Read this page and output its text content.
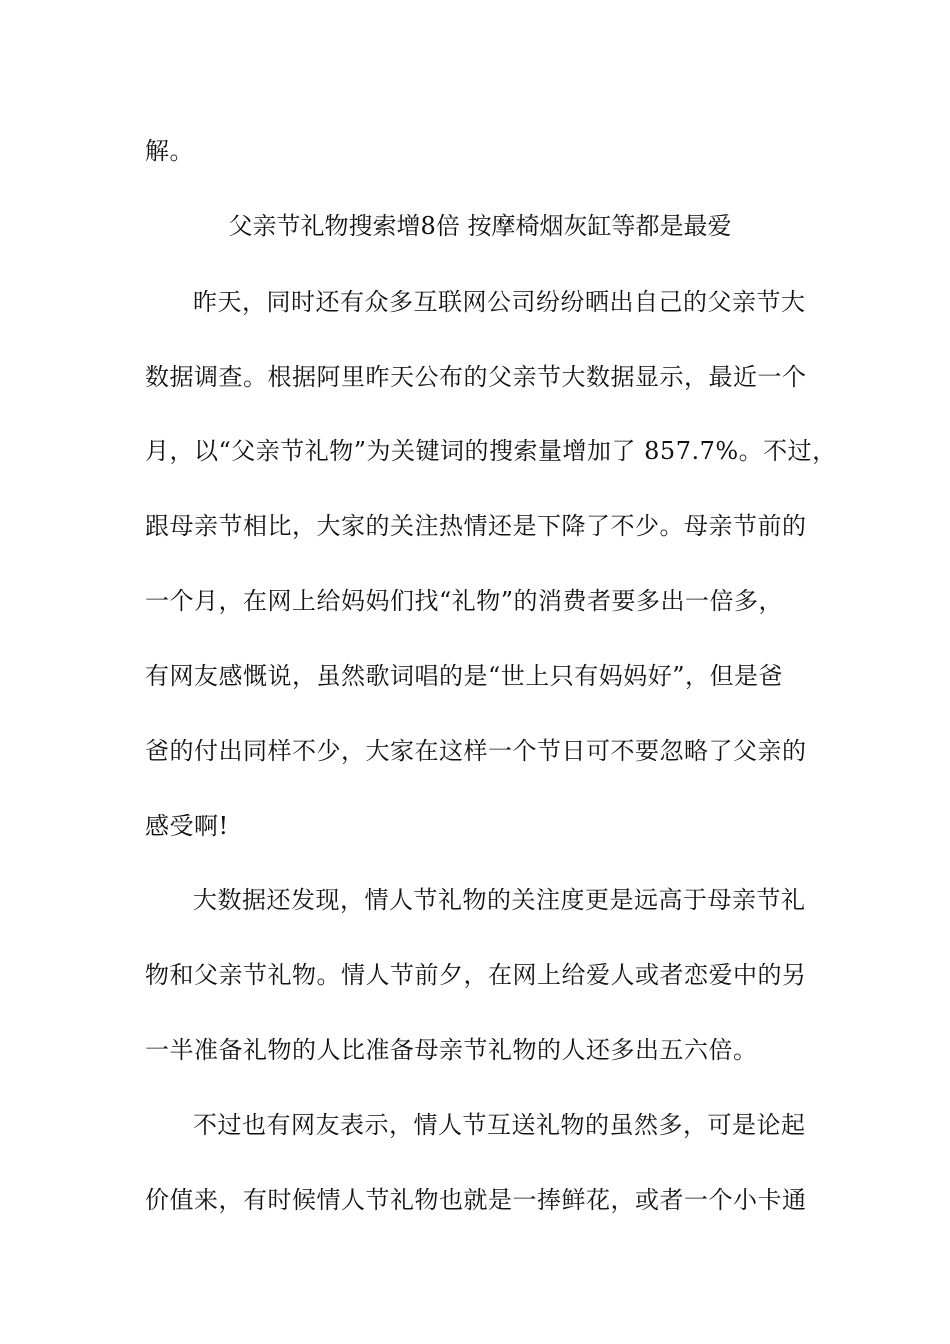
解。
父亲节礼物搜索增8倍 按摩椅烟灰缸等都是最爱
昨天，同时还有众多互联网公司纷纷晒出自己的父亲节大
数据调查。根据阿里昨天公布的父亲节大数据显示，最近一个
月，以“父亲节礼物”为关键词的搜索量增加了 857.7%。不过，
跟母亲节相比，大家的关注热情还是下降了不少。母亲节前的
一个月，在网上给妈妈们找“礼物”的消费者要多出一倍多，
有网友感慨说，虽然歌词唱的是“世上只有妈妈好”，但是爸
爸的付出同样不少，大家在这样一个节日可不要忽略了父亲的
感受啊!
大数据还发现，情人节礼物的关注度更是远高于母亲节礼
物和父亲节礼物。情人节前夕，在网上给爱人或者恋爱中的另
一半准备礼物的人比准备母亲节礼物的人还多出五六倍。
不过也有网友表示，情人节互送礼物的虽然多，可是论起
价值来，有时候情人节礼物也就是一捧鲜花，或者一个小卡通
